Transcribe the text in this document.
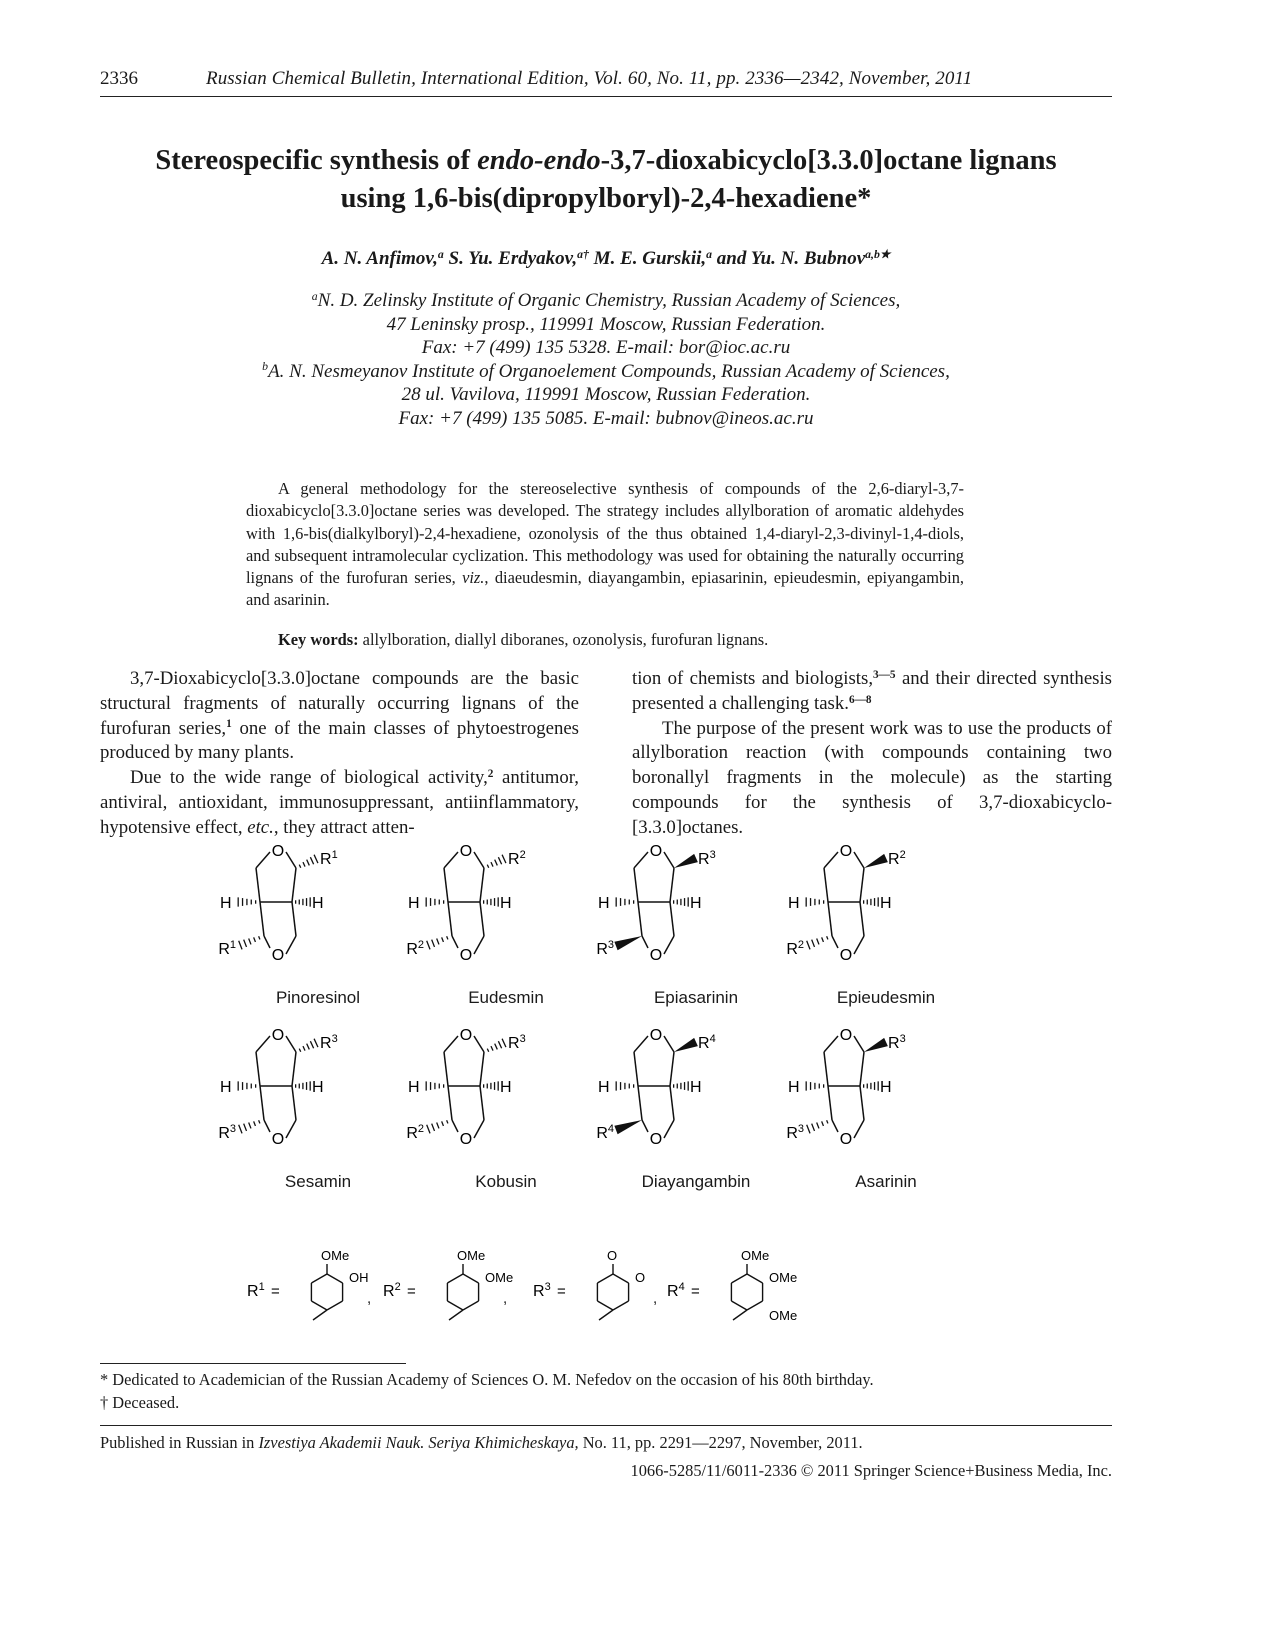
2336	Russian Chemical Bulletin, International Edition, Vol. 60, No. 11, pp. 2336—2342, November, 2011
Stereospecific synthesis of endo-endo-3,7-dioxabicyclo[3.3.0]octane lignans
using 1,6-bis(dipropylboryl)-2,4-hexadiene*
A. N. Anfimov,$^a$ S. Yu. Erdyakov,$^{a\dagger}$ M. E. Gurskii,$^a$ and Yu. N. Bubnov$^{a,b★}$
$^a$N. D. Zelinsky Institute of Organic Chemistry, Russian Academy of Sciences,
47 Leninsky prosp., 119991 Moscow, Russian Federation.
Fax: +7 (499) 135 5328. E-mail: bor@ioc.ac.ru
$^b$A. N. Nesmeyanov Institute of Organoelement Compounds, Russian Academy of Sciences,
28 ul. Vavilova, 119991 Moscow, Russian Federation.
Fax: +7 (499) 135 5085. E-mail: bubnov@ineos.ac.ru
A general methodology for the stereoselective synthesis of compounds of the 2,6-diaryl-3,7-dioxabicyclo[3.3.0]octane series was developed. The strategy includes allylboration of aromatic aldehydes with 1,6-bis(dialkylboryl)-2,4-hexadiene, ozonolysis of the thus obtained 1,4-diaryl-2,3-divinyl-1,4-diols, and subsequent intramolecular cyclization. This methodology was used for obtaining the naturally occurring lignans of the furofuran series, viz., diaeudesmin, diayangambin, epiasarinin, epieudesmin, epiyangambin, and asarinin.
Key words: allylboration, diallyl diboranes, ozonolysis, furofuran lignans.

3,7-Dioxabicyclo[3.3.0]octane compounds are the basic structural fragments of naturally occurring lignans of the furofuran series,$^1$ one of the main classes of phytoestrogenes produced by many plants.

Due to the wide range of biological activity,$^2$ antitumor, antiviral, antioxidant, immunosuppressant, antiinflammatory, hypotensive effect, etc., they attract atten-

tion of chemists and biologists,$^{3—5}$ and their directed synthesis presented a challenging task.$^{6—8}$

The purpose of the present work was to use the products of allylboration reaction (with compounds containing two boronallyl fragments in the molecule) as the starting compounds for the synthesis of 3,7-dioxabicyclo-[3.3.0]octanes.

O
O
H	H
$R^1$
$R^1$
O
O
H	H
$R^2$
$R^2$
O
O
H	H
$R^3$
$R^3$
O
O
H	H
$R^2$
$R^2$
O
O
H	H
$R^3$
$R^3$
O
O
H	H
$R^3$
$R^2$
O
O
H	H
$R^4$
$R^4$
O
O
H	H
$R^3$
$R^3$
$R^1$ =
OMe
OH
$R^2$ =
OMe
OMe
$R^3$ =
O
O
$R^4$ =
OMe
OMe
OMe
* Dedicated to Academician of the Russian Academy of Sciences O. M. Nefedov on the occasion of his 80th birthday.
† Deceased.
Published in Russian in Izvestiya Akademii Nauk. Seriya Khimicheskaya, No. 11, pp. 2291—2297, November, 2011.
1066-5285/11/6011-2336 © 2011 Springer Science+Business Media, Inc.
Pinoresinol	Eudesmin	Epiasarinin	Epieudesmin
Sesamin	Kobusin	Diayangambin	Asarinin
,	,	,
